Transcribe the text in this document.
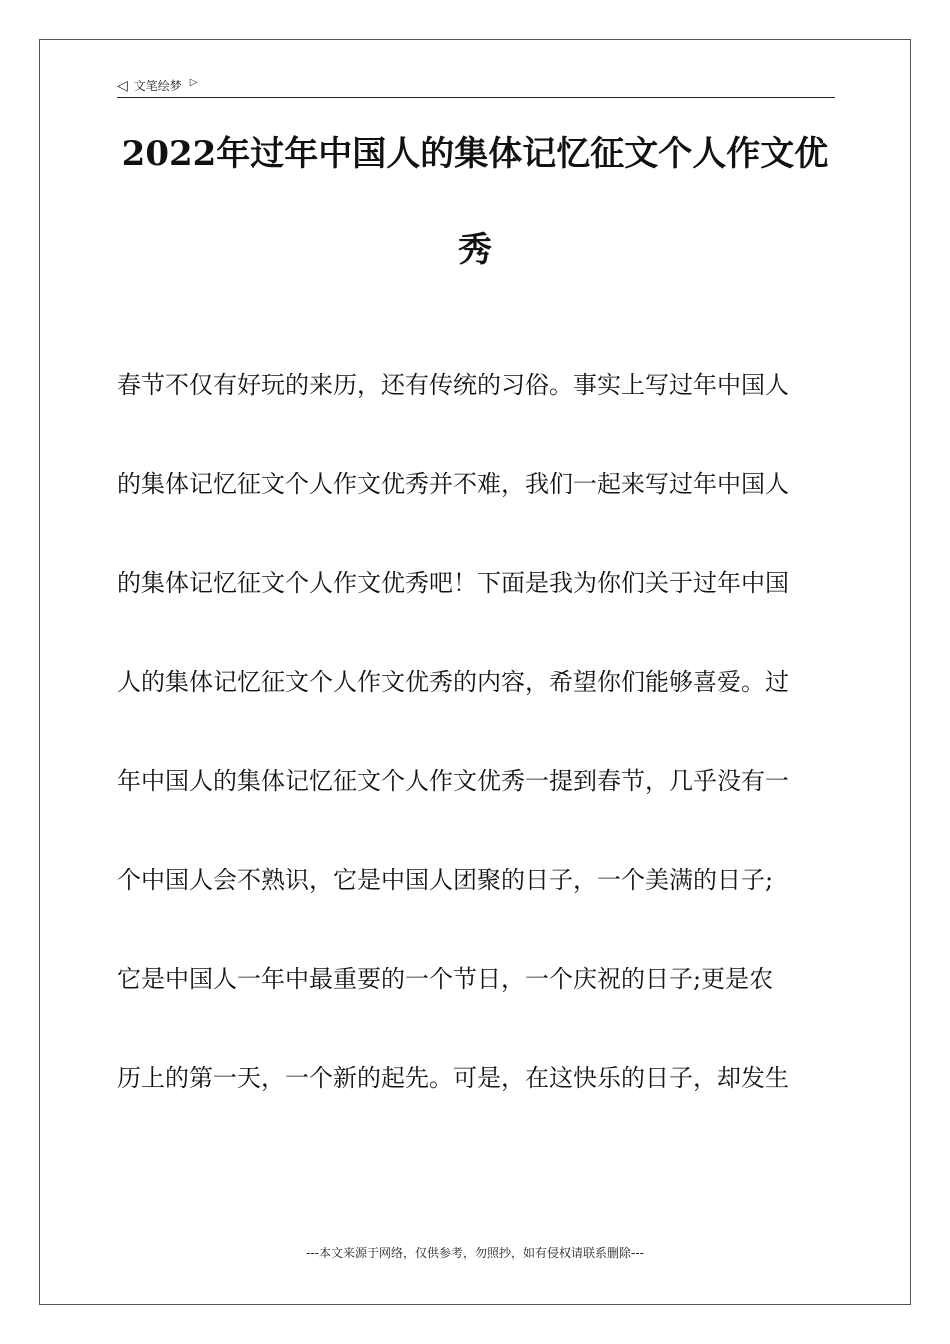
◁ 文笔绘梦 ▷
2022年过年中国人的集体记忆征文个人作文优
秀

春节不仅有好玩的来历，还有传统的习俗。事实上写过年中国人

的集体记忆征文个人作文优秀并不难，我们一起来写过年中国人

的集体记忆征文个人作文优秀吧！下面是我为你们关于过年中国

人的集体记忆征文个人作文优秀的内容，希望你们能够喜爱。过

年中国人的集体记忆征文个人作文优秀一提到春节，几乎没有一

个中国人会不熟识，它是中国人团聚的日子，一个美满的日子;

它是中国人一年中最重要的一个节日，一个庆祝的日子;更是农

历上的第一天，一个新的起先。可是，在这快乐的日子，却发生

---本文来源于网络，仅供参考，勿照抄，如有侵权请联系删除---
